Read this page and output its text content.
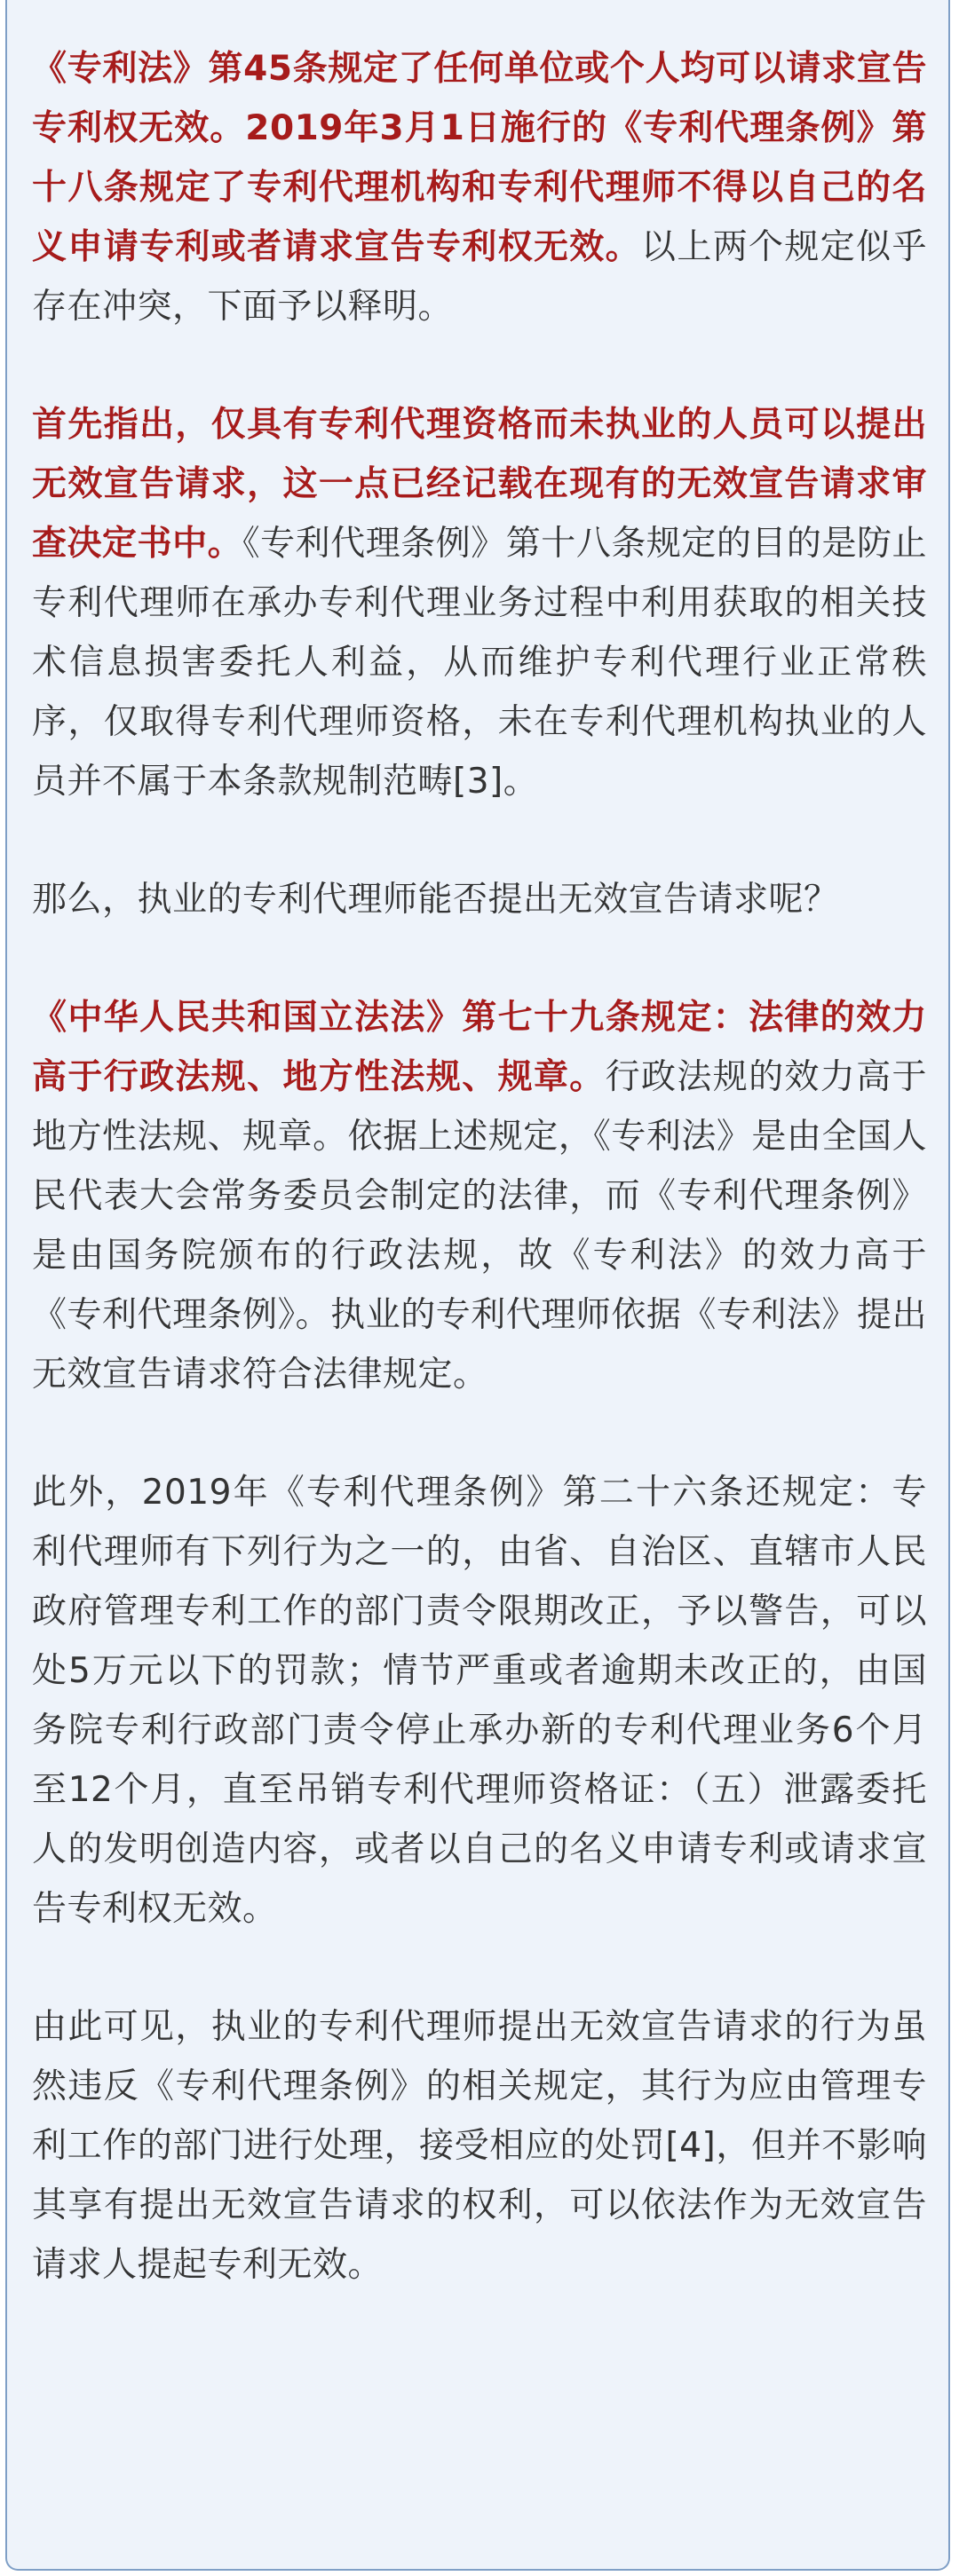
《专利法》第45条规定了任何单位或个人均可以请求宣告专利权无效。2019年3月1日施行的《专利代理条例》第十八条规定了专利代理机构和专利代理师不得以自己的名义申请专利或者请求宣告专利权无效。以上两个规定似乎存在冲突，下面予以释明。

首先指出，仅具有专利代理资格而未执业的人员可以提出无效宣告请求，这一点已经记载在现有的无效宣告请求审查决定书中。《专利代理条例》第十八条规定的目的是防止专利代理师在承办专利代理业务过程中利用获取的相关技术信息损害委托人利益，从而维护专利代理行业正常秩序，仅取得专利代理师资格，未在专利代理机构执业的人员并不属于本条款规制范畴[3]。

那么，执业的专利代理师能否提出无效宣告请求呢？

《中华人民共和国立法法》第七十九条规定：法律的效力高于行政法规、地方性法规、规章。行政法规的效力高于地方性法规、规章。依据上述规定，《专利法》是由全国人民代表大会常务委员会制定的法律，而《专利代理条例》是由国务院颁布的行政法规，故《专利法》的效力高于《专利代理条例》。执业的专利代理师依据《专利法》提出无效宣告请求符合法律规定。

此外，2019年《专利代理条例》第二十六条还规定：专利代理师有下列行为之一的，由省、自治区、直辖市人民政府管理专利工作的部门责令限期改正，予以警告，可以处5万元以下的罚款；情节严重或者逾期未改正的，由国务院专利行政部门责令停止承办新的专利代理业务6个月至12个月，直至吊销专利代理师资格证：（五）泄露委托人的发明创造内容，或者以自己的名义申请专利或请求宣告专利权无效。

由此可见，执业的专利代理师提出无效宣告请求的行为虽然违反《专利代理条例》的相关规定，其行为应由管理专利工作的部门进行处理，接受相应的处罚[4]，但并不影响其享有提出无效宣告请求的权利，可以依法作为无效宣告请求人提起专利无效。
